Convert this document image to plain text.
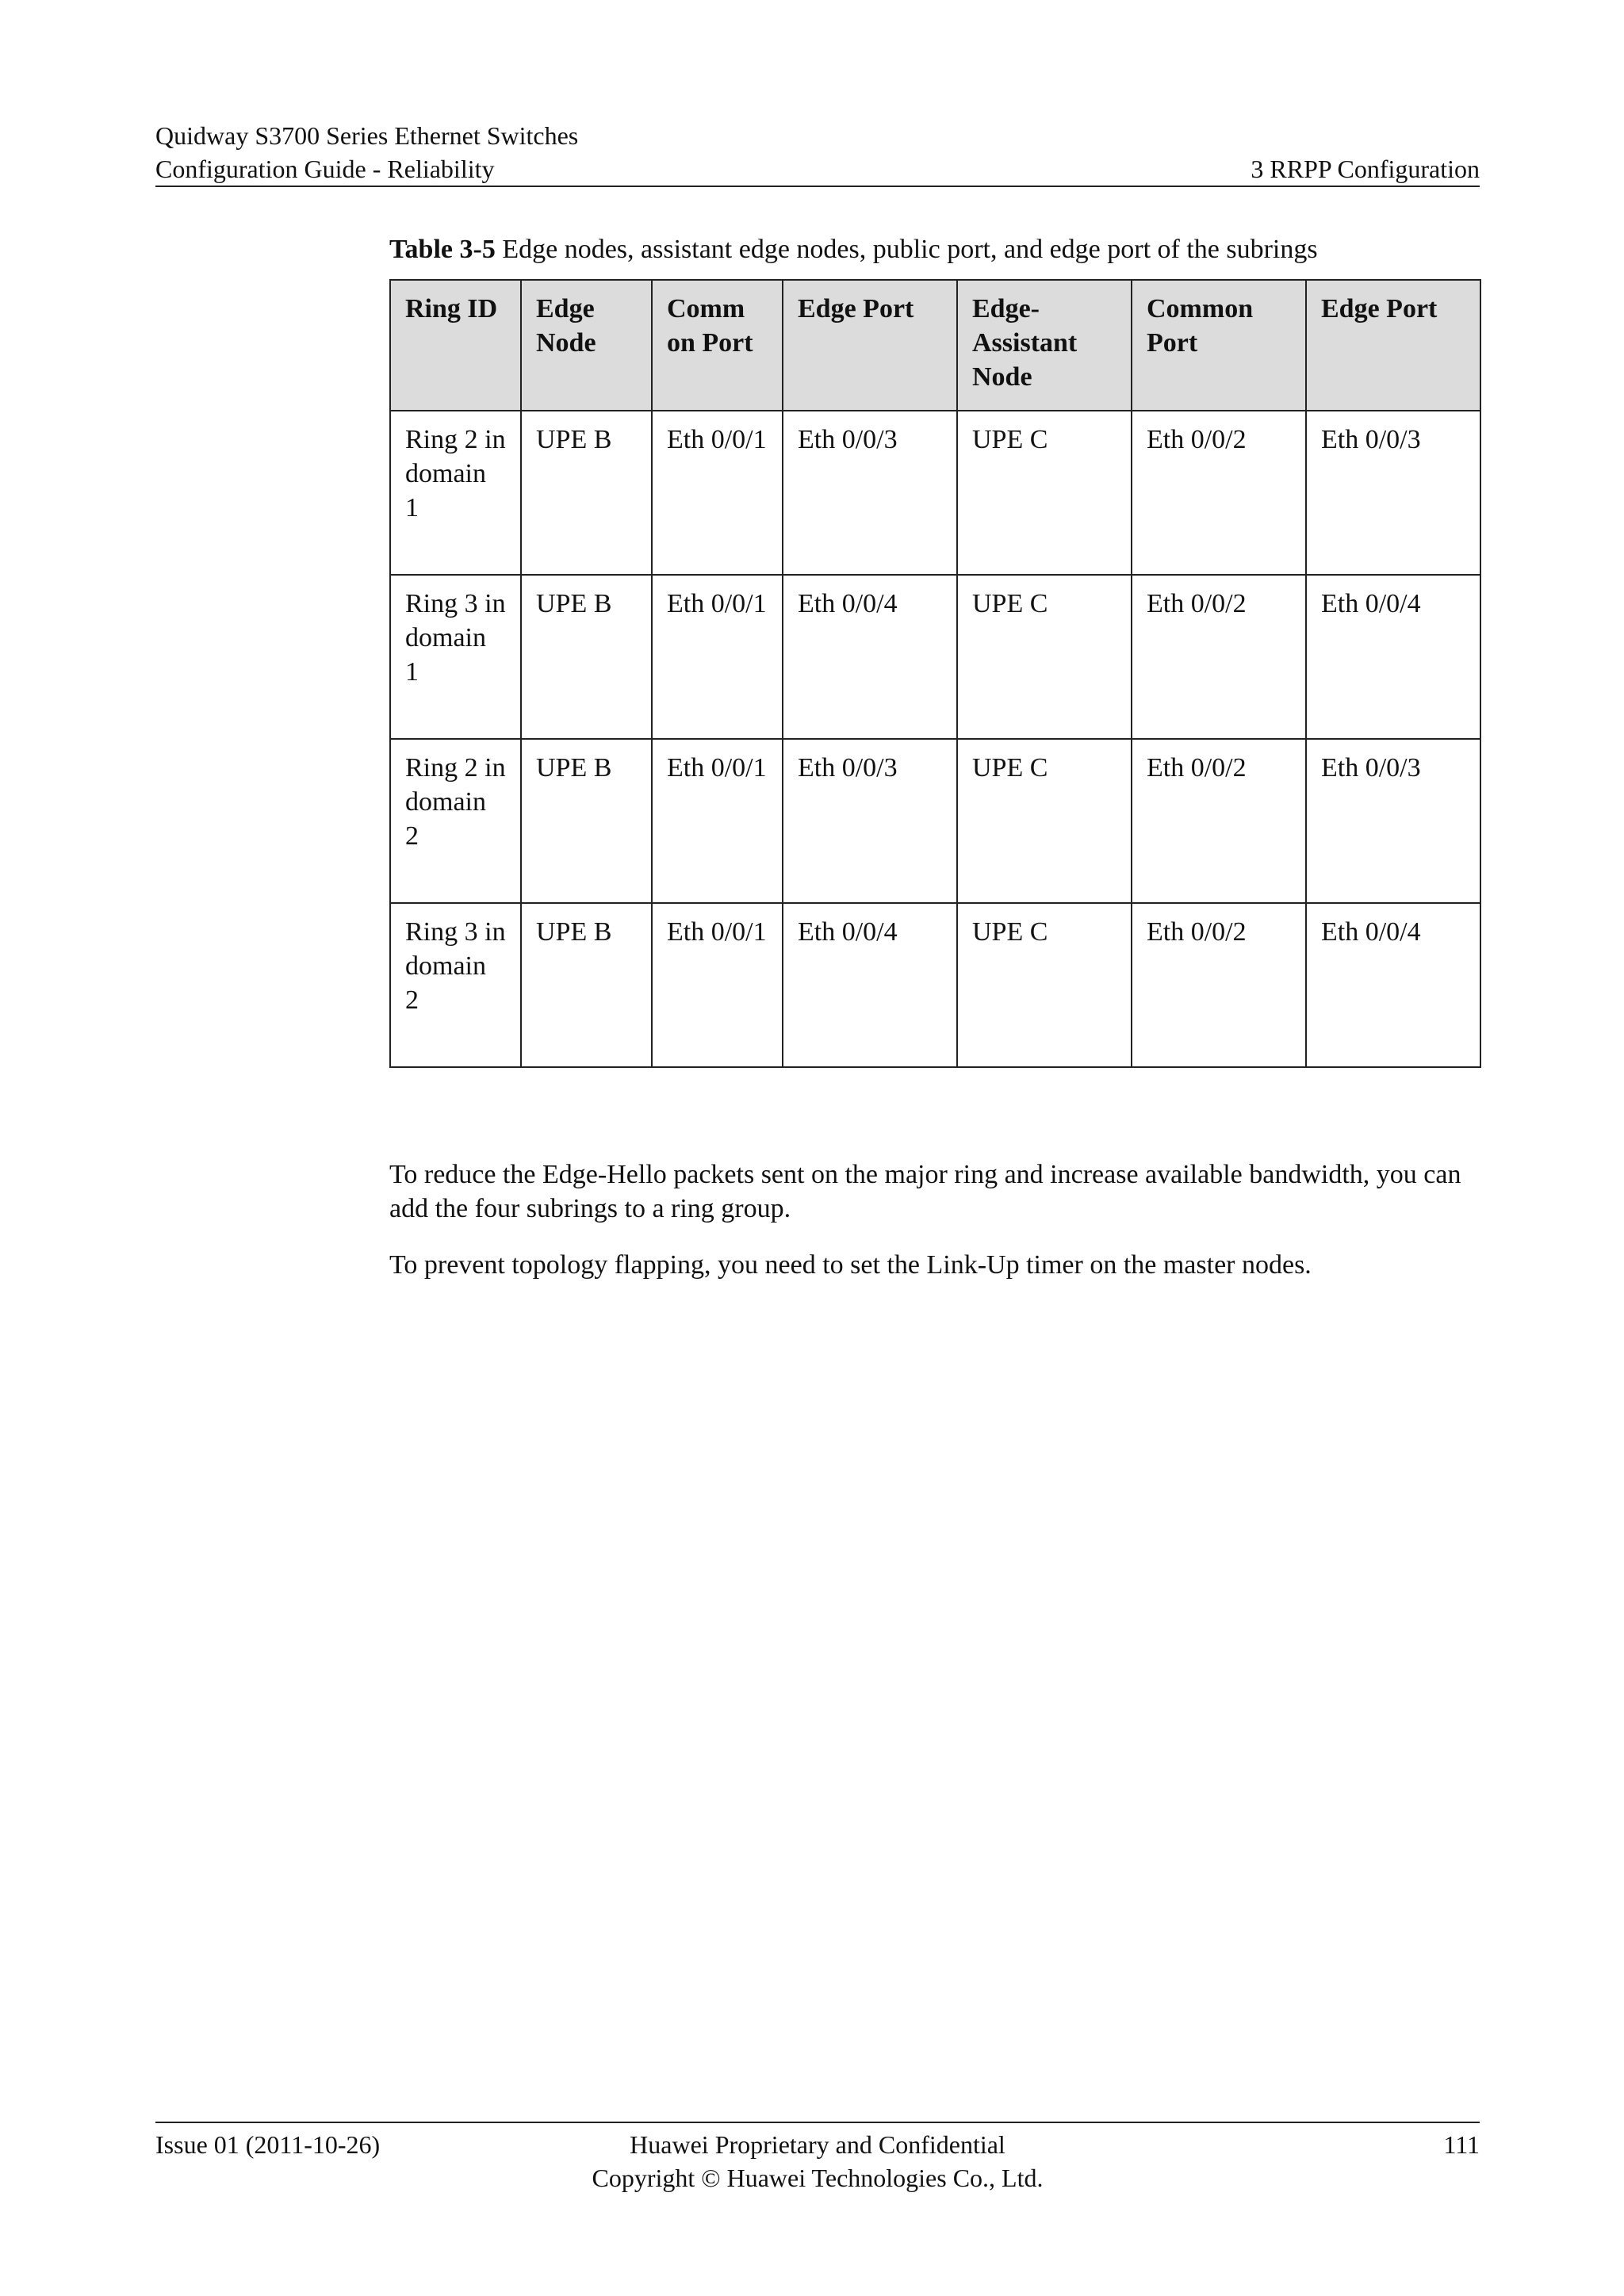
Quidway S3700 Series Ethernet Switches
Configuration Guide - Reliability	3 RRPP Configuration
Table 3-5 Edge nodes, assistant edge nodes, public port, and edge port of the subrings
Ring ID	Edge Node	Comm on Port	Edge Port	Edge-Assistant Node	Common Port	Edge Port
Ring 2 in domain 1	UPE B	Eth 0/0/1	Eth 0/0/3	UPE C	Eth 0/0/2	Eth 0/0/3
Ring 3 in domain 1	UPE B	Eth 0/0/1	Eth 0/0/4	UPE C	Eth 0/0/2	Eth 0/0/4
Ring 2 in domain 2	UPE B	Eth 0/0/1	Eth 0/0/3	UPE C	Eth 0/0/2	Eth 0/0/3
Ring 3 in domain 2	UPE B	Eth 0/0/1	Eth 0/0/4	UPE C	Eth 0/0/2	Eth 0/0/4

To reduce the Edge-Hello packets sent on the major ring and increase available bandwidth, you can add the four subrings to a ring group.

To prevent topology flapping, you need to set the Link-Up timer on the master nodes.

Issue 01 (2011-10-26)	Huawei Proprietary and Confidential
Copyright © Huawei Technologies Co., Ltd.
111
